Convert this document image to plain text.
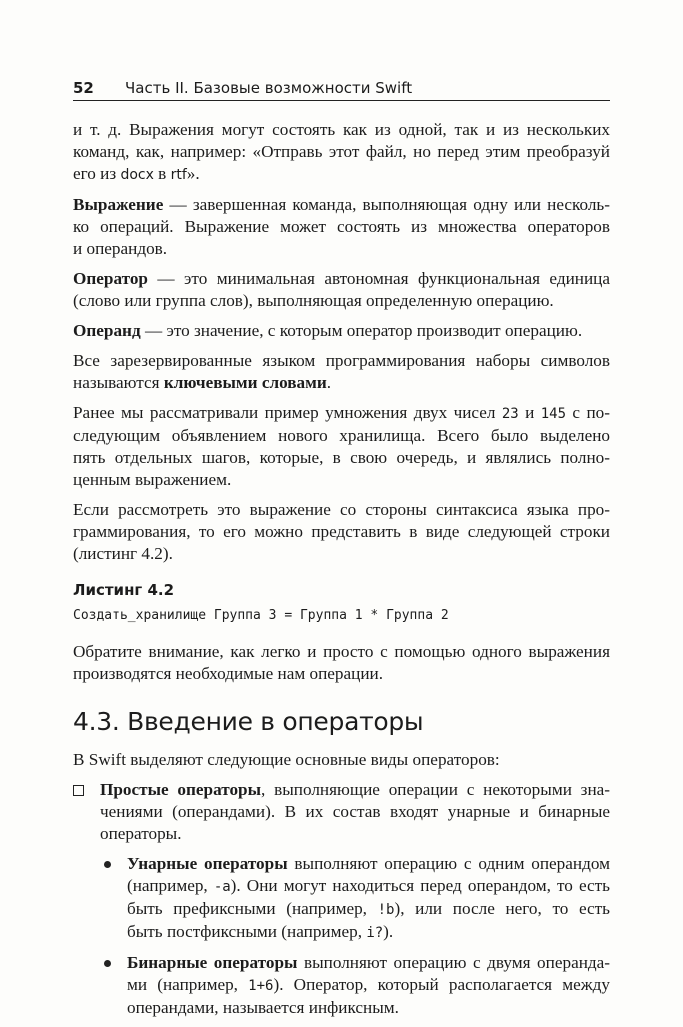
52	Часть II. Базовые возможности Swift

и т. д. Выражения могут состоять как из одной, так и из нескольких
команд, как, например: «Отправь этот файл, но перед этим преобразуй
его из docx в rtf».

Выражение — завершенная команда, выполняющая одну или несколь-
ко операций. Выражение может состоять из множества операторов
и операндов.

Оператор — это минимальная автономная функциональная единица
(слово или группа слов), выполняющая определенную операцию.

Операнд — это значение, с которым оператор производит операцию.

Все зарезервированные языком программирования наборы символов
называются ключевыми словами.

Ранее мы рассматривали пример умножения двух чисел 23 и 145 с по-
следующим объявлением нового хранилища. Всего было выделено
пять отдельных шагов, которые, в свою очередь, и являлись полно-
ценным выражением.

Если рассмотреть это выражение со стороны синтаксиса языка про-
граммирования, то его можно представить в виде следующей строки
(листинг 4.2).

Листинг 4.2
Создать_хранилище Группа 3 = Группа 1 * Группа 2

Обратите внимание, как легко и просто с помощью одного выражения
производятся необходимые нам операции.

4.3. Введение в операторы

В Swift выделяют следующие основные виды операторов:

Простые операторы, выполняющие операции с некоторыми зна-
чениями (операндами). В их состав входят унарные и бинарные
операторы.
Унарные операторы выполняют операцию с одним операндом
(например, -a). Они могут находиться перед операндом, то есть
быть префиксными (например, !b), или после него, то есть
быть постфиксными (например, i?).
Бинарные операторы выполняют операцию с двумя операнда-
ми (например, 1+6). Оператор, который располагается между
операндами, называется инфиксным.
